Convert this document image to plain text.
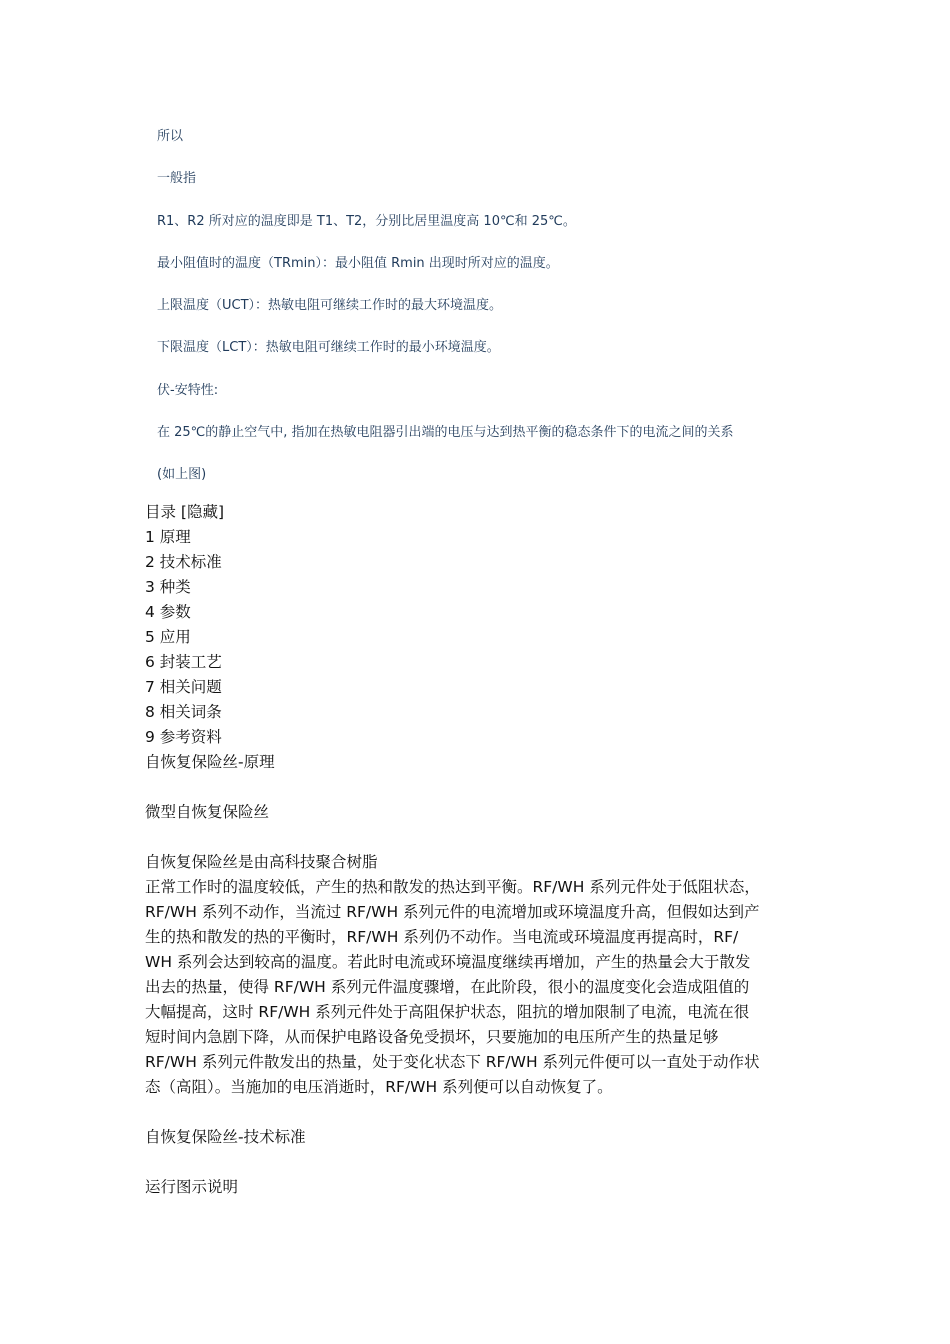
所以
一般指
R1、R2 所对应的温度即是 T1、T2，分别比居里温度高 10℃和 25℃。
最小阻值时的温度（TRmin）：最小阻值 Rmin 出现时所对应的温度。
上限温度（UCT）：热敏电阻可继续工作时的最大环境温度。
下限温度（LCT）：热敏电阻可继续工作时的最小环境温度。
伏-安特性:
在 25℃的静止空气中, 指加在热敏电阻器引出端的电压与达到热平衡的稳态条件下的电流之间的关系
(如上图)
目录 [隐藏]
1 原理
2 技术标准
3 种类
4 参数
5 应用
6 封装工艺
7 相关问题
8 相关词条
9 参考资料
自恢复保险丝-原理
微型自恢复保险丝
自恢复保险丝是由高科技聚合树脂
正常工作时的温度较低，产生的热和散发的热达到平衡。RF/WH 系列元件处于低阻状态，
RF/WH 系列不动作，当流过 RF/WH 系列元件的电流增加或环境温度升高，但假如达到产
生的热和散发的热的平衡时，RF/WH 系列仍不动作。当电流或环境温度再提高时，RF/
WH 系列会达到较高的温度。若此时电流或环境温度继续再增加，产生的热量会大于散发
出去的热量，使得 RF/WH 系列元件温度骤增，在此阶段，很小的温度变化会造成阻值的
大幅提高，这时 RF/WH 系列元件处于高阻保护状态，阻抗的增加限制了电流，电流在很
短时间内急剧下降，从而保护电路设备免受损坏，只要施加的电压所产生的热量足够
RF/WH 系列元件散发出的热量，处于变化状态下 RF/WH 系列元件便可以一直处于动作状
态（高阻）。当施加的电压消逝时，RF/WH 系列便可以自动恢复了。
自恢复保险丝-技术标准
运行图示说明
